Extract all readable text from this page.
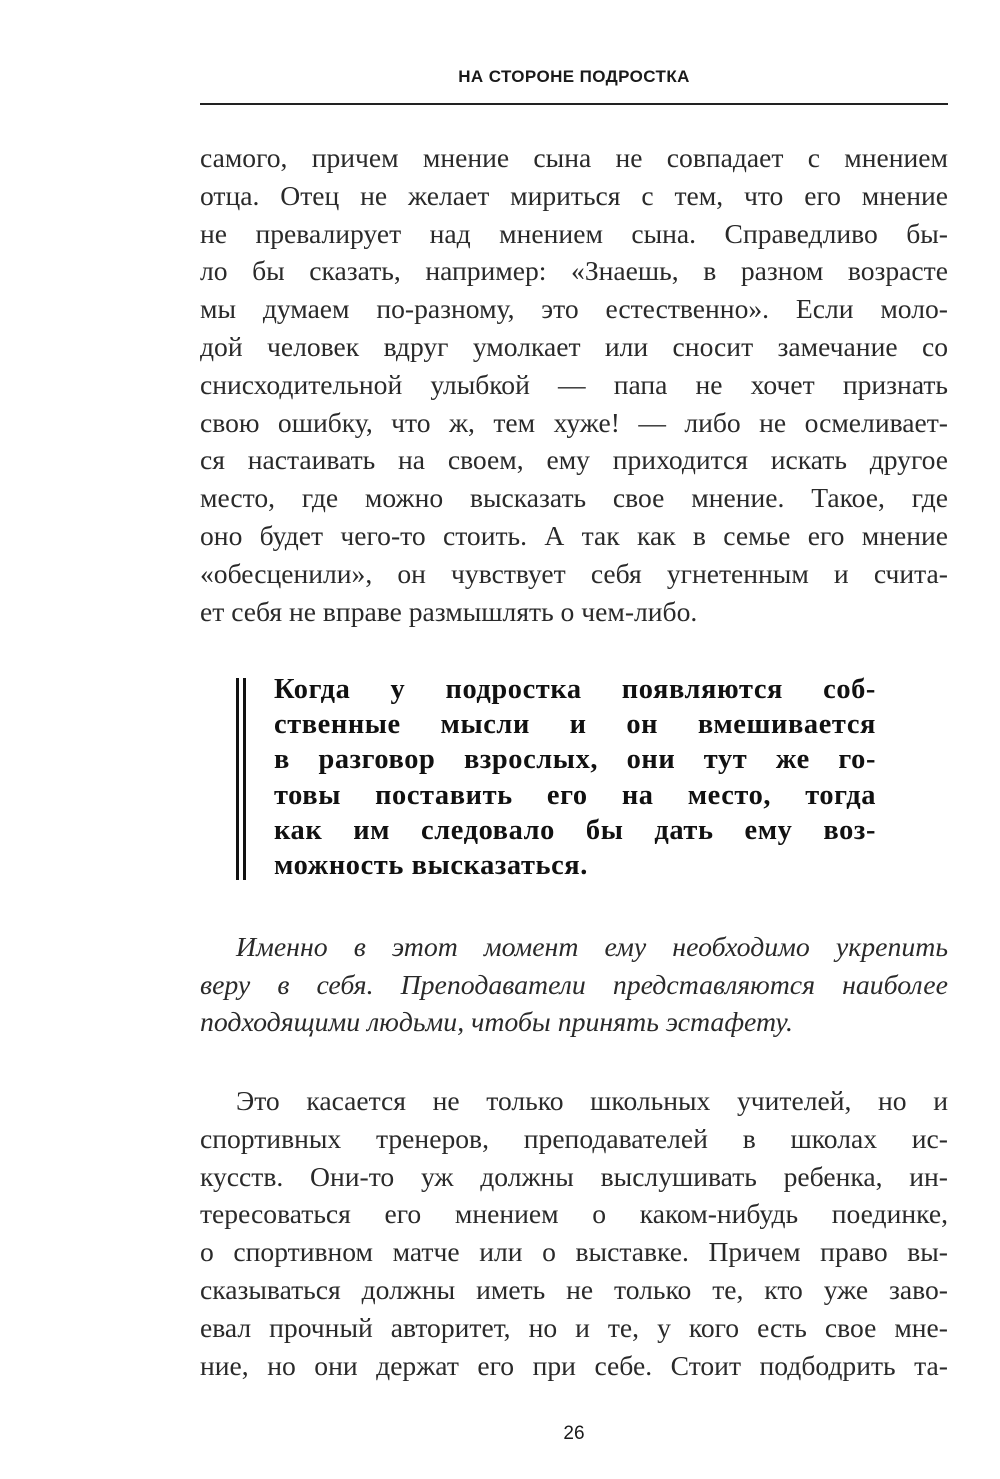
НА СТОРОНЕ ПОДРОСТКА
самого, причем мнение сына не совпадает с мнением
отца. Отец не желает мириться с тем, что его мнение
не превалирует над мнением сына. Справедливо бы-
ло бы сказать, например: «Знаешь, в разном возрасте
мы думаем по-разному, это естественно». Если моло-
дой человек вдруг умолкает или сносит замечание со
снисходительной улыбкой — папа не хочет признать
свою ошибку, что ж, тем хуже! — либо не осмеливает-
ся настаивать на своем, ему приходится искать другое
место, где можно высказать свое мнение. Такое, где
оно будет чего-то стоить. А так как в семье его мнение
«обесценили», он чувствует себя угнетенным и счита-
ет себя не вправе размышлять о чем-либо.
Когда у подростка появляются соб-
ственные мысли и он вмешивается
в разговор взрослых, они тут же го-
товы поставить его на место, тогда
как им следовало бы дать ему воз-
можность высказаться.
Именно в этот момент ему необходимо укрепить
веру в себя. Преподаватели представляются наиболее
подходящими людьми, чтобы принять эстафету.
Это касается не только школьных учителей, но и
спортивных тренеров, преподавателей в школах ис-
кусств. Они-то уж должны выслушивать ребенка, ин-
тересоваться его мнением о каком-нибудь поединке,
о спортивном матче или о выставке. Причем право вы-
сказываться должны иметь не только те, кто уже заво-
евал прочный авторитет, но и те, у кого есть свое мне-
ние, но они держат его при себе. Стоит подбодрить та-
26
